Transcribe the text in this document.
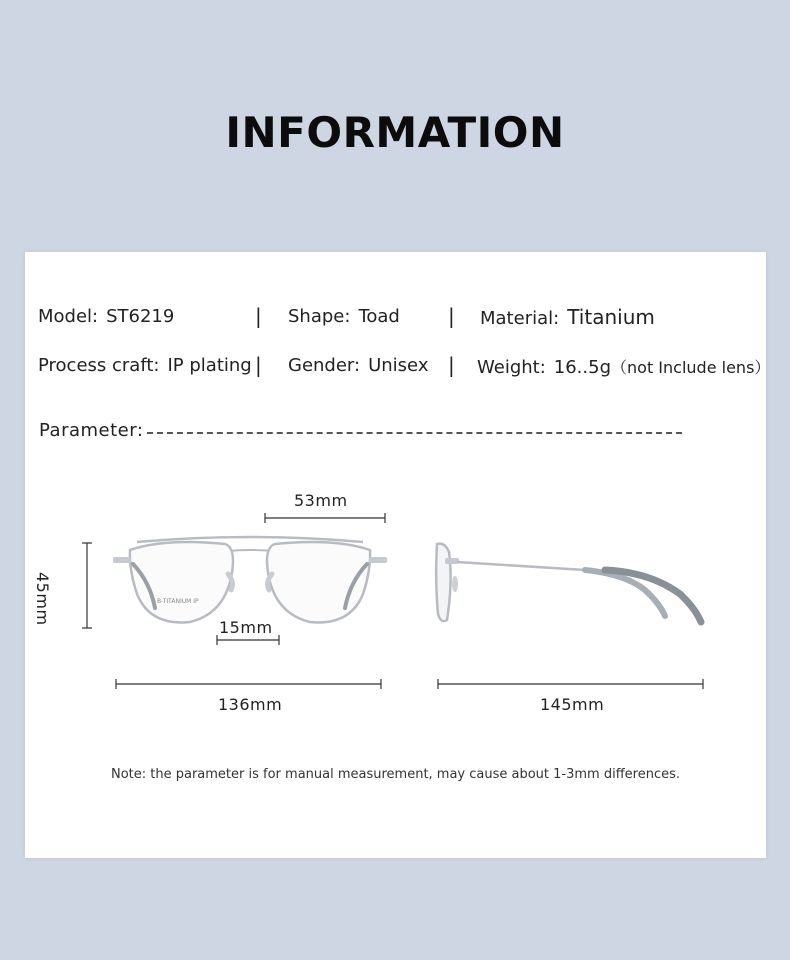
INFORMATION
Model: ST6219	| Shape: Toad | Material: Titanium
Process craft: IP plating | Gender: Unisex | Weight: 16..5g（not Include lens）
Parameter:
B-TITANIUM IP
53mm
45mm
15mm
136mm	145mm
Note: the parameter is for manual measurement, may cause about 1-3mm differences.
